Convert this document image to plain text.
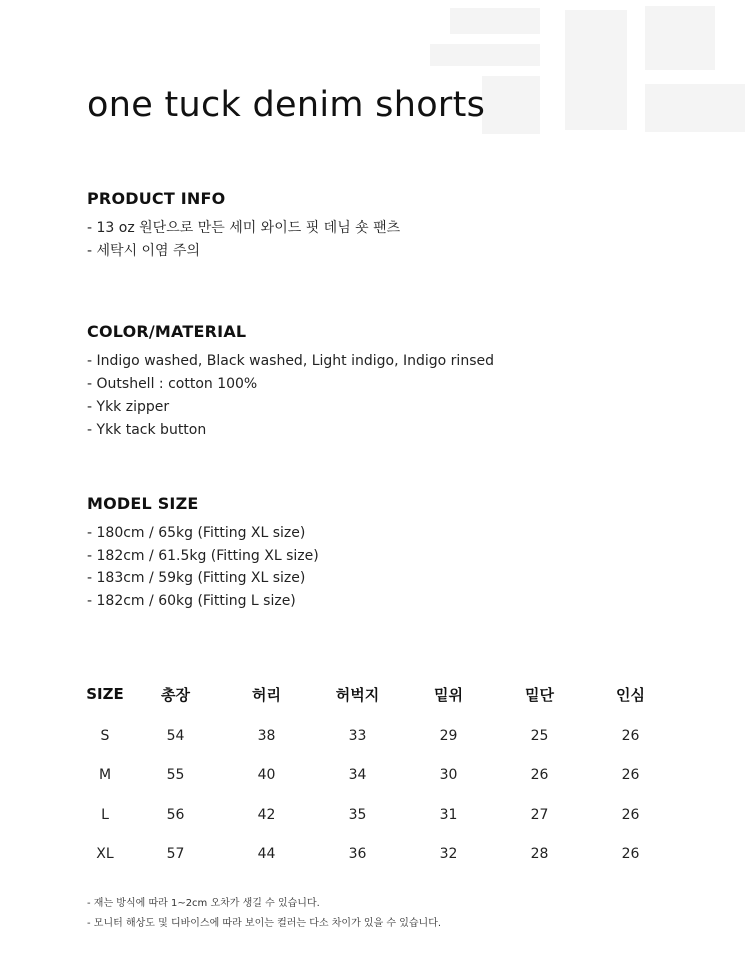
one tuck denim shorts
PRODUCT INFO
- 13 oz 원단으로 만든 세미 와이드 핏 데님 숏 팬츠
- 세탁시 이염 주의
COLOR/MATERIAL
- Indigo washed, Black washed, Light indigo, Indigo rinsed
- Outshell : cotton 100%
- Ykk zipper
- Ykk tack button
MODEL SIZE
- 180cm / 65kg (Fitting XL size)
- 182cm / 61.5kg (Fitting XL size)
- 183cm / 59kg (Fitting XL size)
- 182cm / 60kg (Fitting L size)
SIZE	총장	허리	허벅지	밑위	밑단	인심
S	54	38	33	29	25	26
M	55	40	34	30	26	26
L	56	42	35	31	27	26
XL	57	44	36	32	28	26

- 재는 방식에 따라 1~2cm 오차가 생길 수 있습니다.

- 모니터 해상도 및 디바이스에 따라 보이는 컬러는 다소 차이가 있을 수 있습니다.
